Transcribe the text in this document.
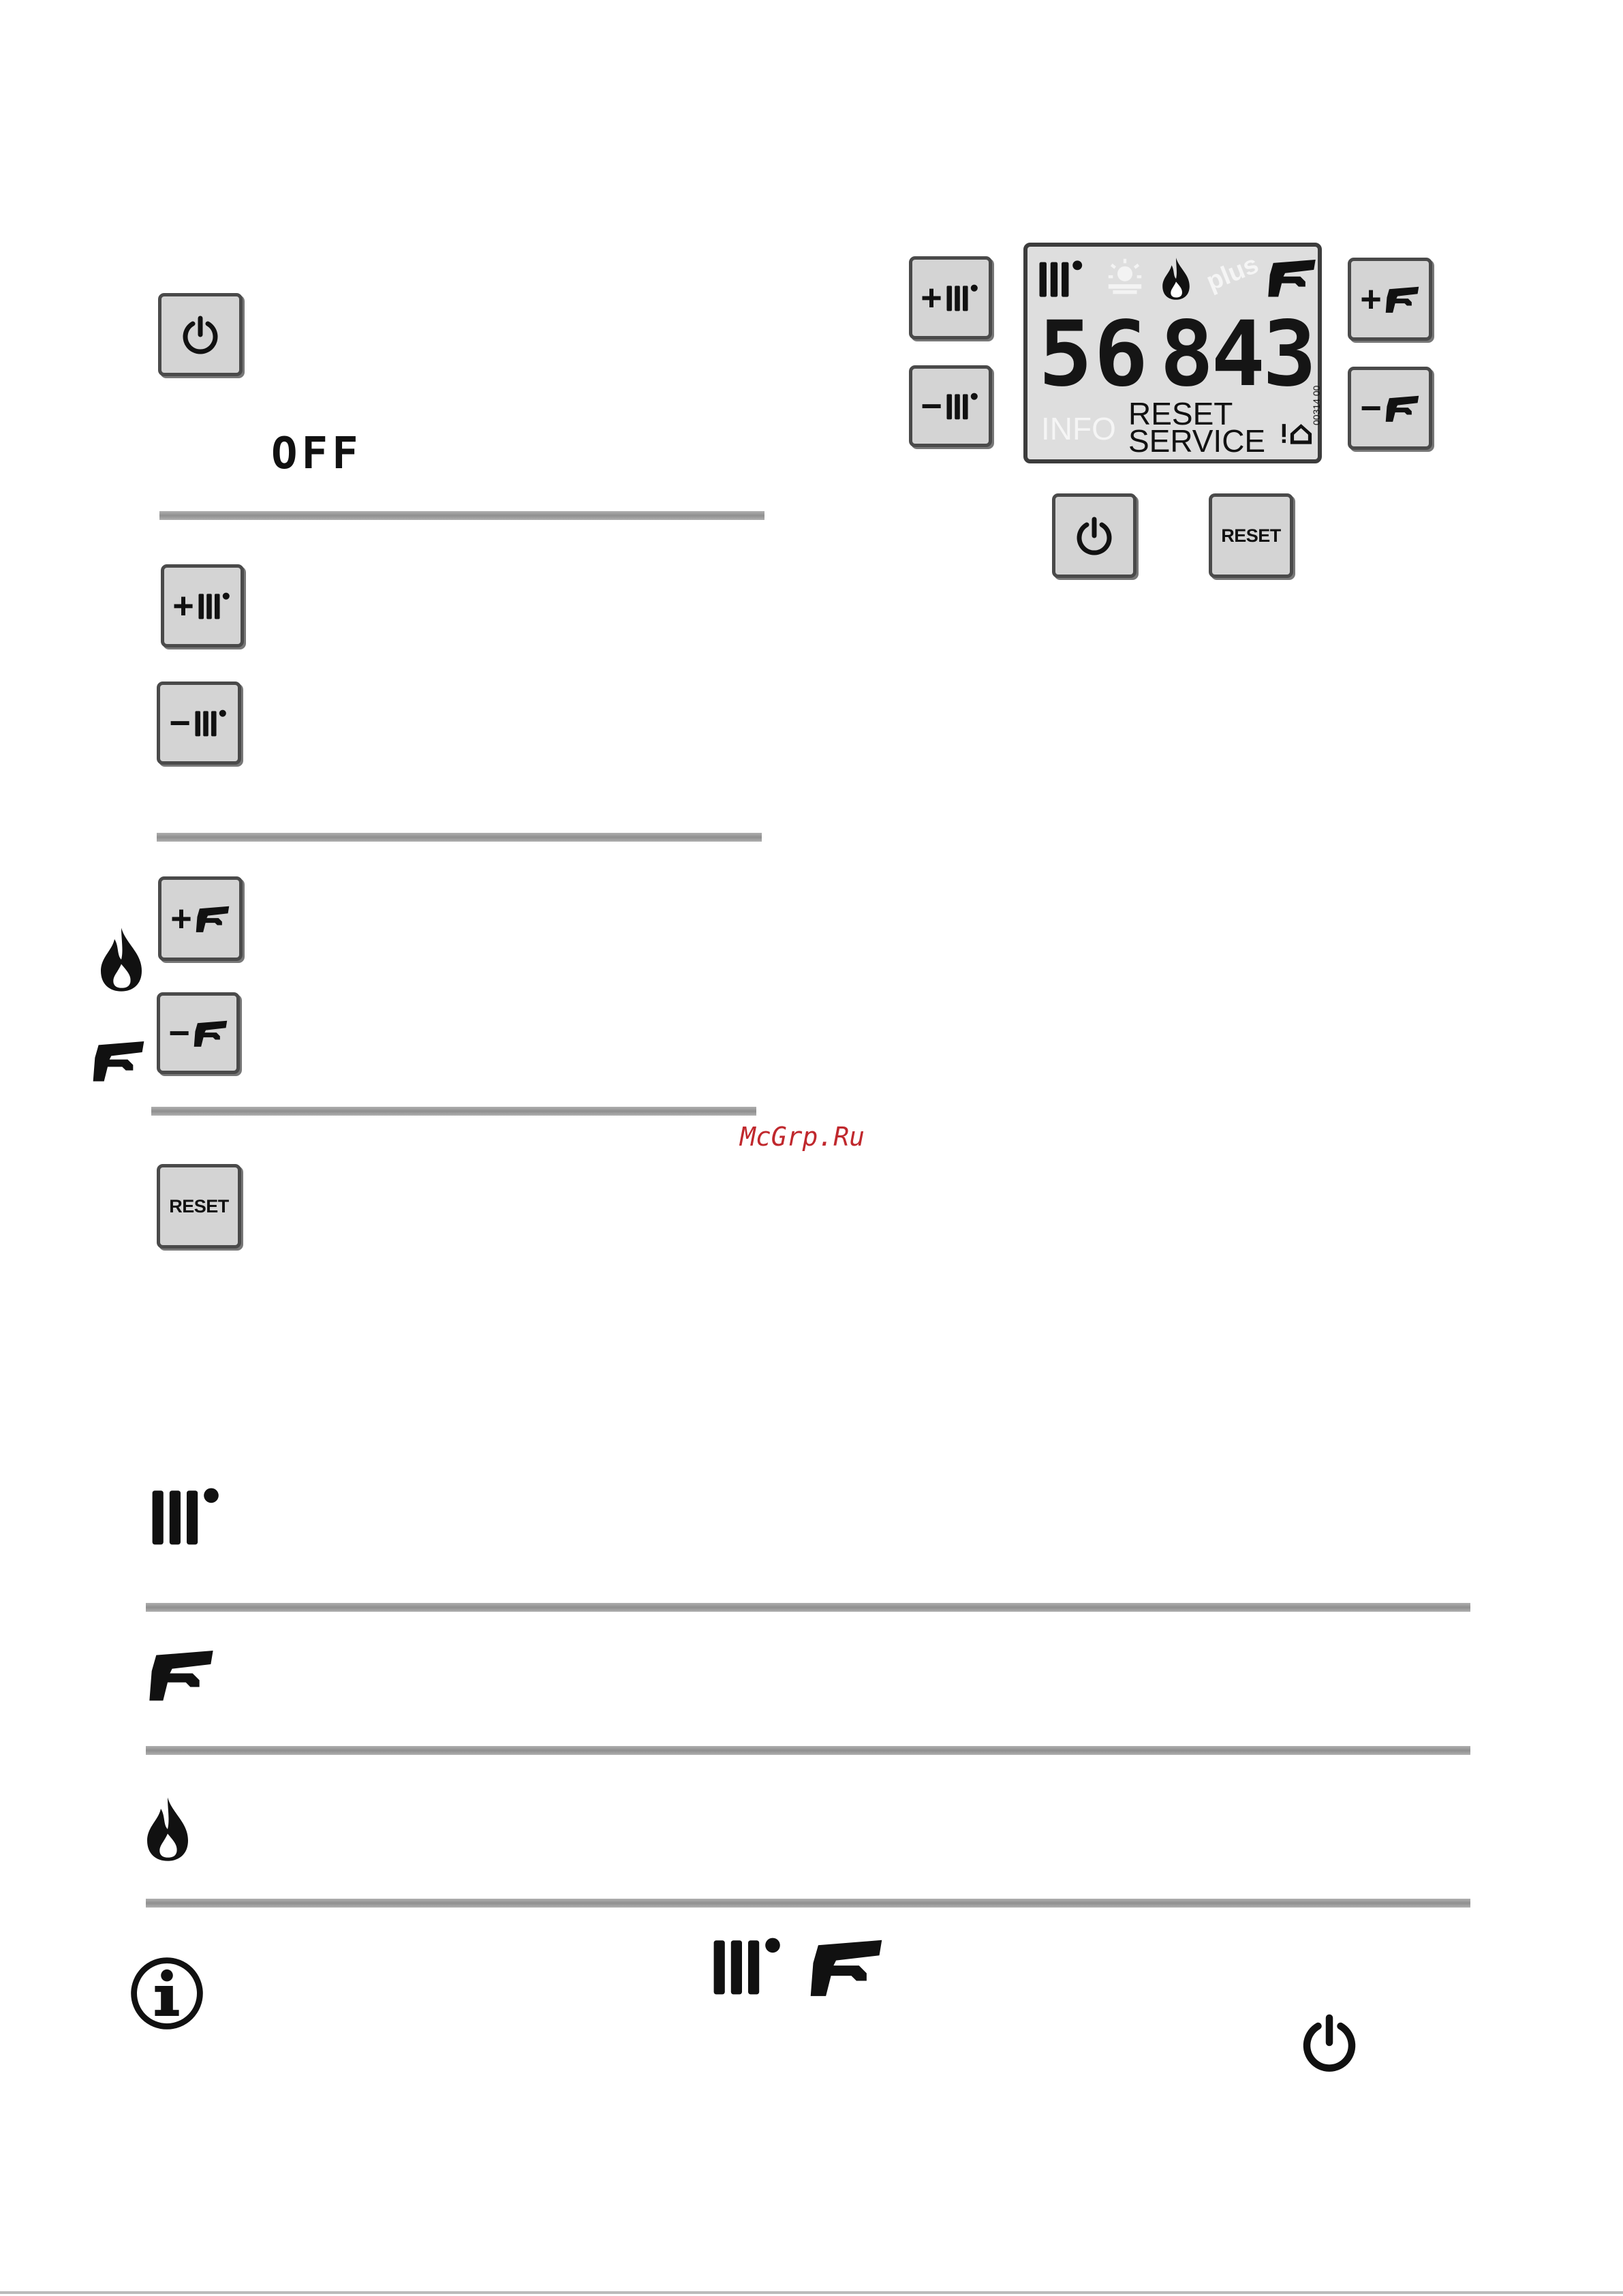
OFF
+
−
+
−
RESET
McGrp.Ru
+
−
+
−
plus
56 843
INFO RESET
SERVICE
00314 00
RESET
